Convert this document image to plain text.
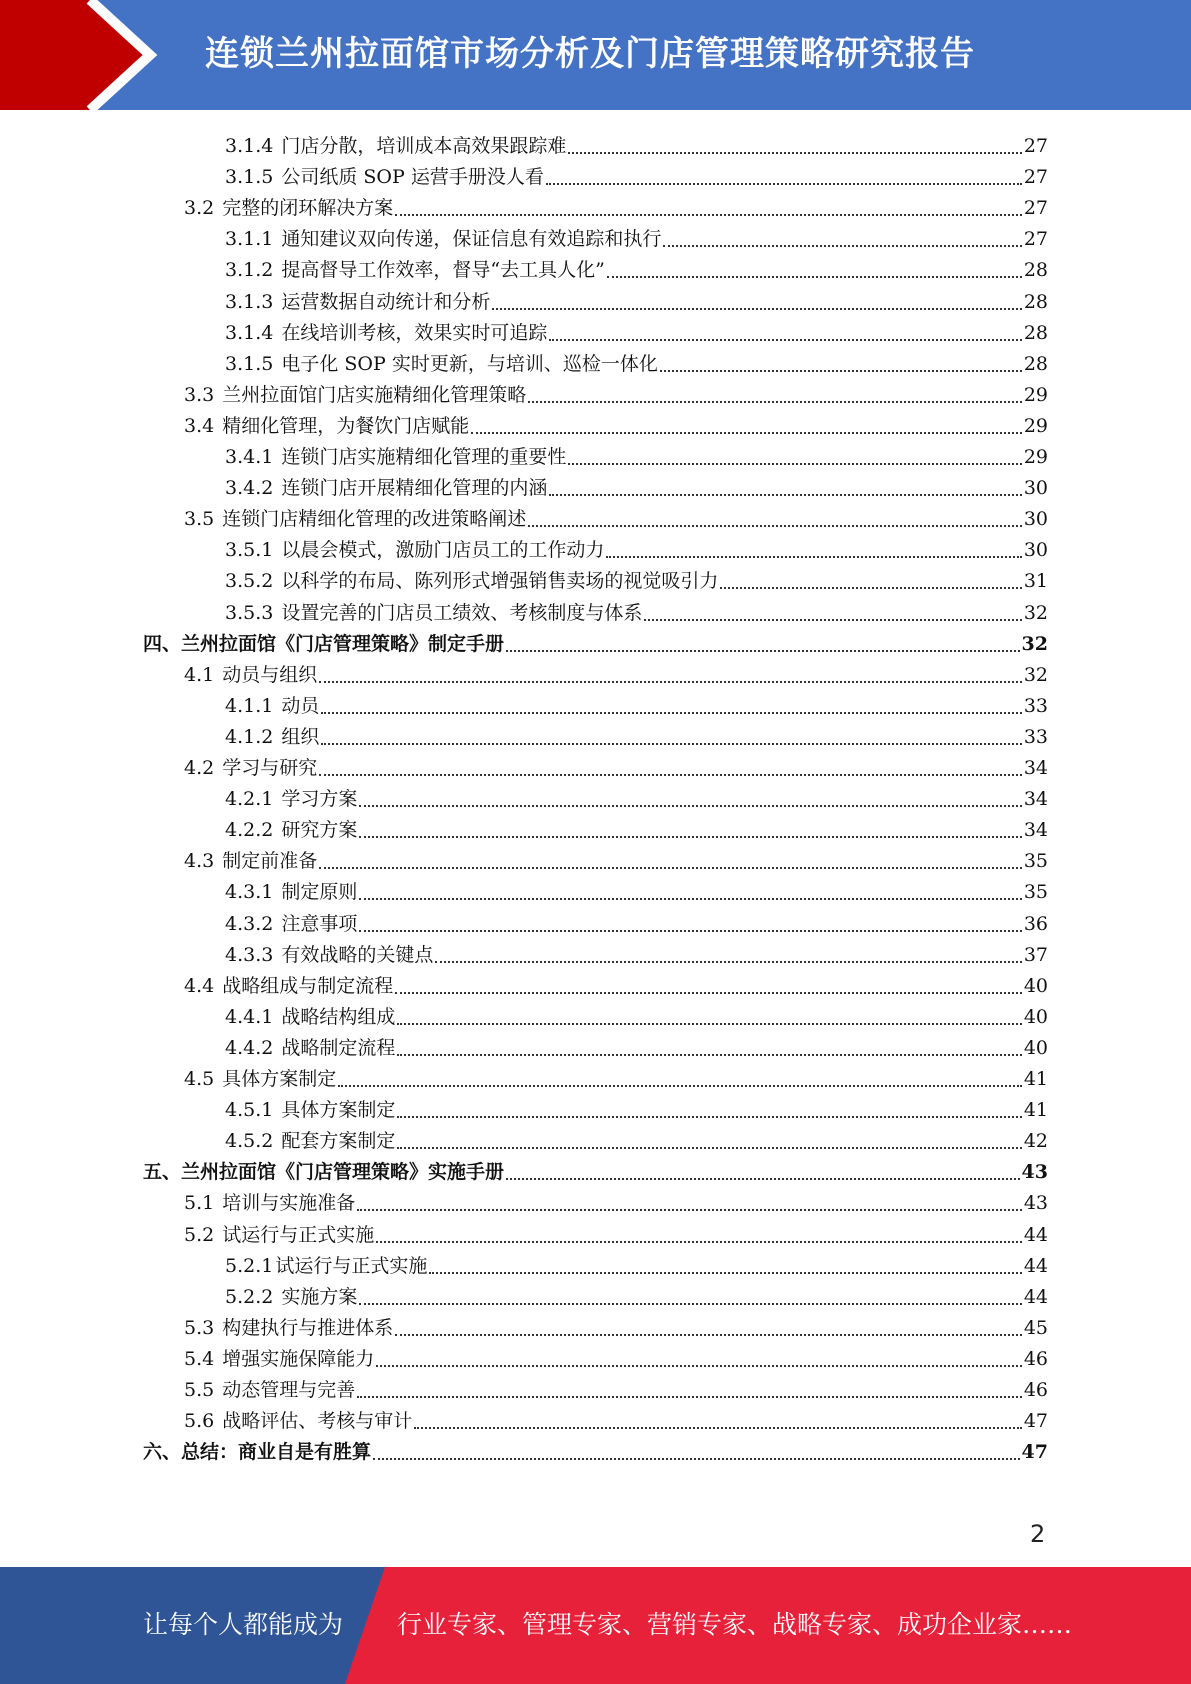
连锁兰州拉面馆市场分析及门店管理策略研究报告
3.1.4 门店分散，培训成本高效果跟踪难	27
3.1.5 公司纸质 SOP 运营手册没人看	27
3.2 完整的闭环解决方案	27
3.1.1 通知建议双向传递，保证信息有效追踪和执行	27
3.1.2 提高督导工作效率，督导“去工具人化”	28
3.1.3 运营数据自动统计和分析	28
3.1.4 在线培训考核，效果实时可追踪	28
3.1.5 电子化 SOP 实时更新，与培训、巡检一体化	28
3.3 兰州拉面馆门店实施精细化管理策略	29
3.4 精细化管理，为餐饮门店赋能	29
3.4.1 连锁门店实施精细化管理的重要性	29
3.4.2 连锁门店开展精细化管理的内涵	30
3.5 连锁门店精细化管理的改进策略阐述	30
3.5.1 以晨会模式，激励门店员工的工作动力	30
3.5.2 以科学的布局、陈列形式增强销售卖场的视觉吸引力	31
3.5.3 设置完善的门店员工绩效、考核制度与体系	32
四、 兰州拉面馆《门店管理策略》制定手册	32
4.1 动员与组织	32
4.1.1 动员	33
4.1.2 组织	33
4.2 学习与研究	34
4.2.1 学习方案	34
4.2.2 研究方案	34
4.3 制定前准备	35
4.3.1 制定原则	35
4.3.2 注意事项	36
4.3.3 有效战略的关键点	37
4.4 战略组成与制定流程	40
4.4.1 战略结构组成	40
4.4.2 战略制定流程	40
4.5 具体方案制定	41
4.5.1 具体方案制定	41
4.5.2 配套方案制定	42
五、 兰州拉面馆《门店管理策略》实施手册	43
5.1 培训与实施准备	43
5.2 试运行与正式实施	44
5.2.1 试运行与正式实施	44
5.2.2 实施方案	44
5.3 构建执行与推进体系	45
5.4 增强实施保障能力	46
5.5 动态管理与完善	46
5.6 战略评估、考核与审计	47
六、 总结：商业自是有胜算	47
2
让每个人都能成为 行业专家、管理专家、营销专家、战略专家、成功企业家……
